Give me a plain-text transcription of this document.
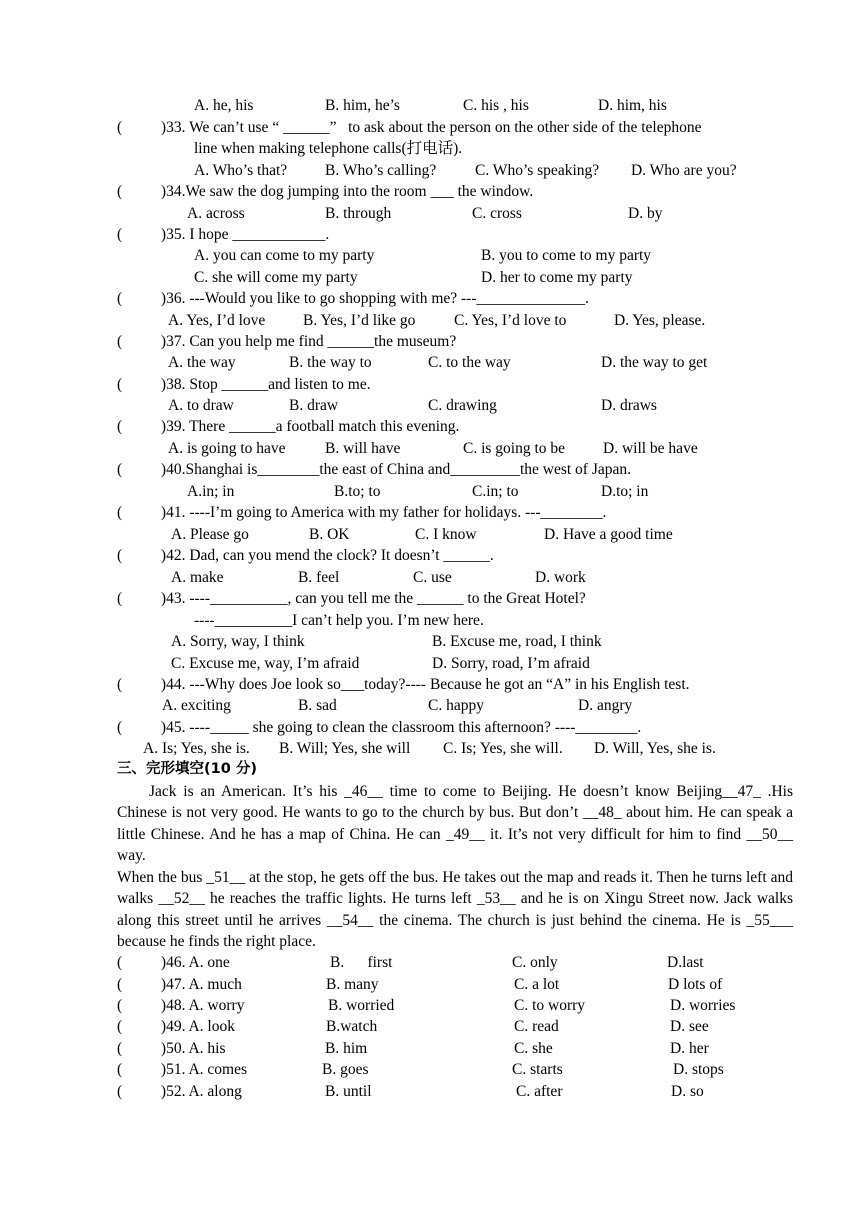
A. he, his	B. him, he’s	C. his , his	D. him, his
(          )33. We can’t use “ ______”   to ask about the person on the other side of the telephone
line when making telephone calls(打电话).
A. Who’s that? B. Who’s calling?	C. Who’s speaking? D. Who are you?
(          )34.We saw the dog jumping into the room ___ the window.
A. across	B. through	C. cross	D. by
(          )35. I hope ____________.
A. you can come to my party	B. you to come to my party
C. she will come my party	D. her to come my party
(          )36. ---Would you like to go shopping with me? ---______________.
A. Yes, I’d love B. Yes, I’d like go C. Yes, I’d love to	D. Yes, please.
(          )37. Can you help me find ______the museum?
A. the way	B. the way to	C. to the way	D. the way to get
(          )38. Stop ______and listen to me.
A. to draw	B. draw	C. drawing	D. draws
(          )39. There ______a football match this evening.
A. is going to have	B. will have	C. is going to be D. will be have
(          )40.Shanghai is________the east of China and_________the west of Japan.
A.in; in	B.to; to	C.in; to	D.to; in
(          )41. ----I’m going to America with my father for holidays. ---________.
A. Please go	B. OK	C. I know	D. Have a good time
(          )42. Dad, can you mend the clock? It doesn’t ______.
A. make	B. feel	C. use	D. work
(          )43. ----__________, can you tell me the ______ to the Great Hotel?
----__________I can’t help you. I’m new here.
A. Sorry, way, I think	B. Excuse me, road, I think
C. Excuse me, way, I’m afraid	D. Sorry, road, I’m afraid
(          )44. ---Why does Joe look so___today?---- Because he got an “A” in his English test.
A. exciting	B. sad	C. happy	D. angry
(          )45. ----_____ she going to clean the classroom this afternoon? ----________.
A. Is; Yes, she is. B. Will; Yes, she will C. Is; Yes, she will. D. Will, Yes, she is.
三、完形填空(10 分)
Jack is an American. It’s his _46__ time to come to Beijing. He doesn’t know Beijing__47_ .His Chinese is not very good. He wants to go to the church by bus. But don’t __48_ about him. He can speak a little Chinese. And he has a map of China. He can _49__ it. It’s not very difficult for him to find __50__ way.
When the bus _51__ at the stop, he gets off the bus. He takes out the map and reads it. Then he turns left and walks __52__ he reaches the traffic lights. He turns left _53__ and he is on Xingu Street now. Jack walks along this street until he arrives __54__ the cinema. The church is just behind the cinema. He is _55___ because he finds the right place.
(          )46. A. one	B.      first	C. only	D.last
(          )47. A. much	B. many	C. a lot	D lots of
(          )48. A. worry	B. worried	C. to worry	D. worries
(          )49. A. look	B.watch	C. read	D. see
(          )50. A. his	B. him	C. she	D. her
(          )51. A. comes	B. goes	C. starts	D. stops
(          )52. A. along	B. until	C. after	D. so
